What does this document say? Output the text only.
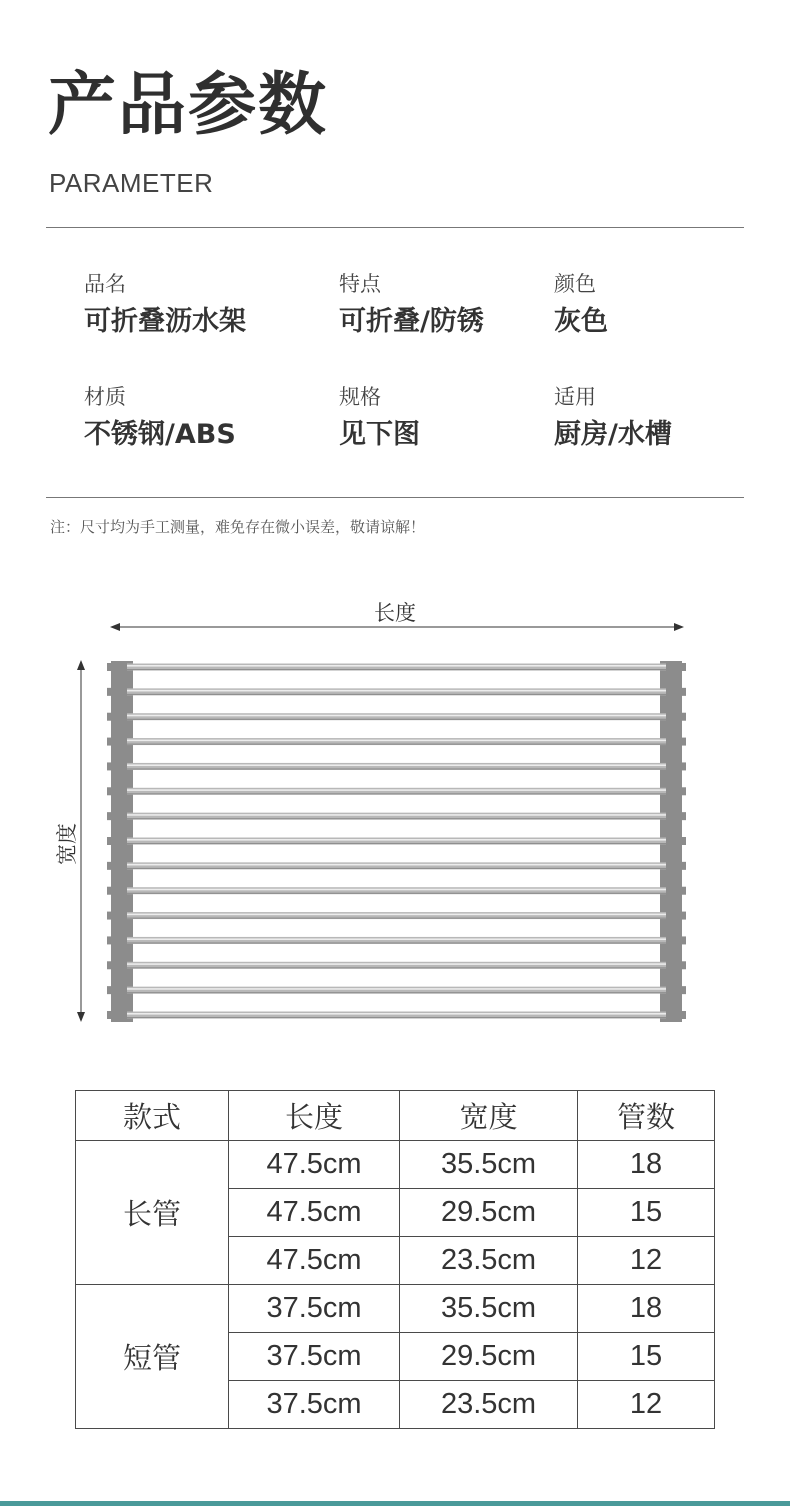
产品参数
PARAMETER
品名
可折叠沥水架
特点
可折叠/防锈
颜色
灰色
材质
不锈钢/ABS
规格
见下图
适用
厨房/水槽
注：尺寸均为手工测量，难免存在微小误差，敬请谅解！
长度
宽度
款式	长度	宽度	管数
长管	47.5cm	35.5cm	18
	47.5cm	29.5cm	15
	47.5cm	23.5cm	12
短管	37.5cm	35.5cm	18
	37.5cm	29.5cm	15
	37.5cm	23.5cm	12
